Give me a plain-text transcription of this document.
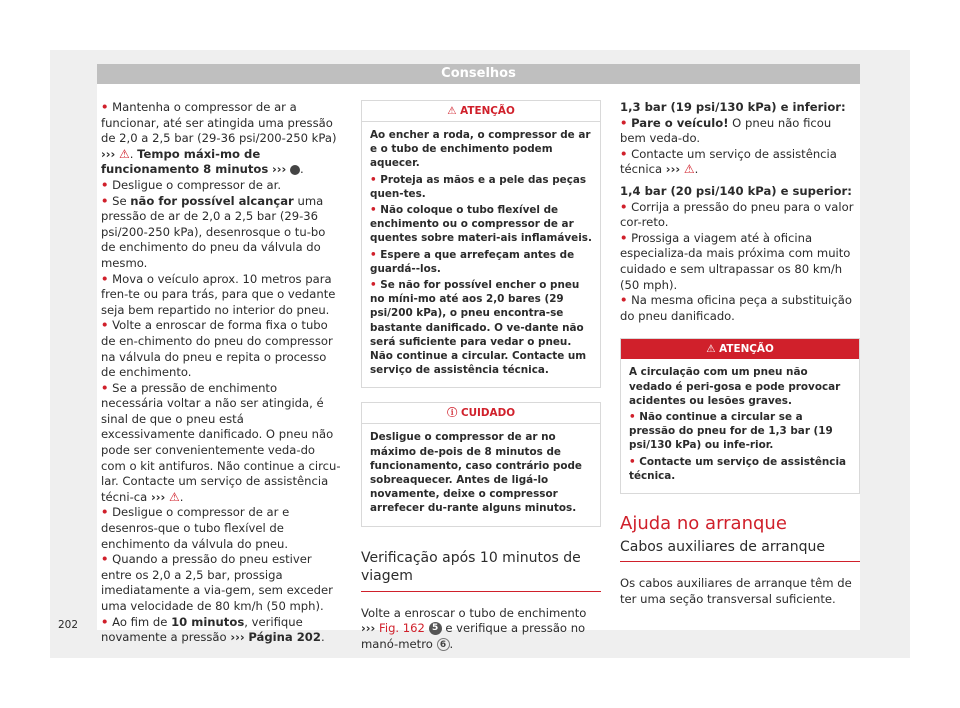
Conselhos

• Mantenha o compressor de ar a funcionar, até ser atingida uma pressão de 2,0 a 2,5 bar (29-36 psi/200-250 kPa) ››› ⚠. Tempo máxi-mo de funcionamento 8 minutos ››› .

• Desligue o compressor de ar.

• Se não for possível alcançar uma pressão de ar de 2,0 a 2,5 bar (29-36 psi/200-250 kPa), desenrosque o tu-bo de enchimento do pneu da válvula do mesmo.

• Mova o veículo aprox. 10 metros para fren-te ou para trás, para que o vedante seja bem repartido no interior do pneu.

• Volte a enroscar de forma fixa o tubo de en-chimento do pneu do compressor na válvula do pneu e repita o processo de enchimento.

• Se a pressão de enchimento necessária voltar a não ser atingida, é sinal de que o pneu está excessivamente danificado. O pneu não pode ser convenientemente veda-do com o kit antifuros. Não continue a circu-lar. Contacte um serviço de assistência técni-ca ››› ⚠.

• Desligue o compressor de ar e desenros-que o tubo flexível de enchimento da válvula do pneu.

• Quando a pressão do pneu estiver entre os 2,0 a 2,5 bar, prossiga imediatamente a via-gem, sem exceder uma velocidade de 80 km/h (50 mph).

• Ao fim de 10 minutos, verifique novamente a pressão ››› Página 202.

⚠ ATENÇÃO

Ao encher a roda, o compressor de ar e o tubo de enchimento podem aquecer.

• Proteja as mãos e a pele das peças quen-tes.

• Não coloque o tubo flexível de enchimento ou o compressor de ar quentes sobre materi-ais inflamáveis.

• Espere a que arrefeçam antes de guardá--los.

• Se não for possível encher o pneu no míni-mo até aos 2,0 bares (29 psi/200 kPa), o pneu encontra-se bastante danificado. O ve-dante não será suficiente para vedar o pneu. Não continue a circular. Contacte um serviço de assistência técnica.

ⓘ CUIDADO

Desligue o compressor de ar no máximo de-pois de 8 minutos de funcionamento, caso contrário pode sobreaquecer. Antes de ligá-lo novamente, deixe o compressor arrefecer du-rante alguns minutos.

Verificação após 10 minutos de viagem

Volte a enroscar o tubo de enchimento ››› Fig. 162 5 e verifique a pressão no manó-metro 6 .

1,3 bar (19 psi/130 kPa) e inferior:

• Pare o veículo! O pneu não ficou bem veda-do.

• Contacte um serviço de assistência técnica ››› ⚠.

1,4 bar (20 psi/140 kPa) e superior:

• Corrija a pressão do pneu para o valor cor-reto.

• Prossiga a viagem até à oficina especializa-da mais próxima com muito cuidado e sem ultrapassar os 80 km/h (50 mph).

• Na mesma oficina peça a substituição do pneu danificado.

⚠ ATENÇÃO

A circulação com um pneu não vedado é peri-gosa e pode provocar acidentes ou lesões graves.

• Não continue a circular se a pressão do pneu for de 1,3 bar (19 psi/130 kPa) ou infe-rior.

• Contacte um serviço de assistência técnica.

Ajuda no arranque
Cabos auxiliares de arranque

Os cabos auxiliares de arranque têm de ter uma seção transversal suficiente.

202
